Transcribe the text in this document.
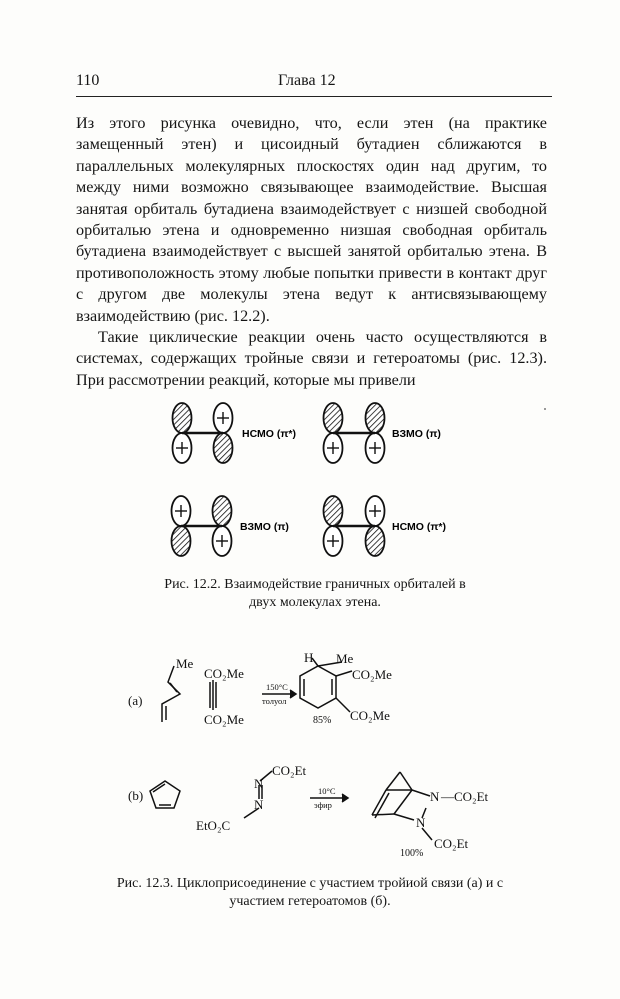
110	Глава 12

Из этого рисунка очевидно, что, если этен (на практике замещенный этен) и цисоидный бутадиен сближаются в параллельных молекулярных плоскостях один над другим, то между ними возможно связывающее взаимодействие. Высшая занятая орбиталь бутадиена взаимодействует с низшей свободной орбиталью этена и одновременно низшая свободная орбиталь бутадиена взаимодействует с высшей занятой орбиталью этена. В противоположность этому любые попытки привести в контакт друг с другом две молекулы этена ведут к антисвязывающему взаимодействию (рис. 12.2).

Такие циклические реакции очень часто осуществляются в системах, содержащих тройные связи и гетероатомы (рис. 12.3). При рассмотрении реакций, которые мы привели

НСМО (π*)	ВЗМО (π)
ВЗМО (π)	НСМО (π*)
(a)
Me
CO₂Me
CO₂Me
150°C
толуол
H Me
CO₂Me
CO₂Me
85%
(b)
CO₂Et
N
N
EtO₂C
10°C
эфир
N —CO₂Et
N
CO₂Et
100%

Рис. 12.2. Взаимодействие граничных орбиталей в двух молекулах этена.

Рис. 12.3. Циклоприсоединение с участием тройиой связи (а) и с участием гетероатомов (б).
